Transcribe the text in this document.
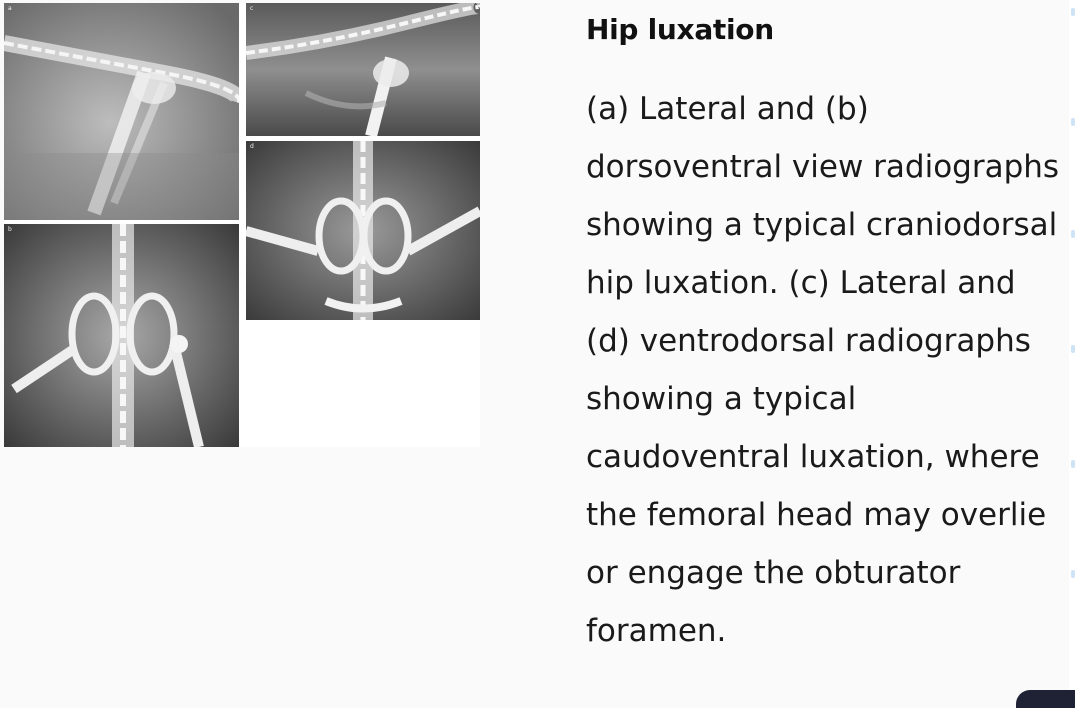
a
b
c
d
Hip luxation

(a) Lateral and (b) dorsoventral view radiographs showing a typical craniodorsal hip luxation. (c) Lateral and (d) ventrodorsal radiographs showing a typical caudoventral luxation, where the femoral head may overlie or engage the obturator foramen.
